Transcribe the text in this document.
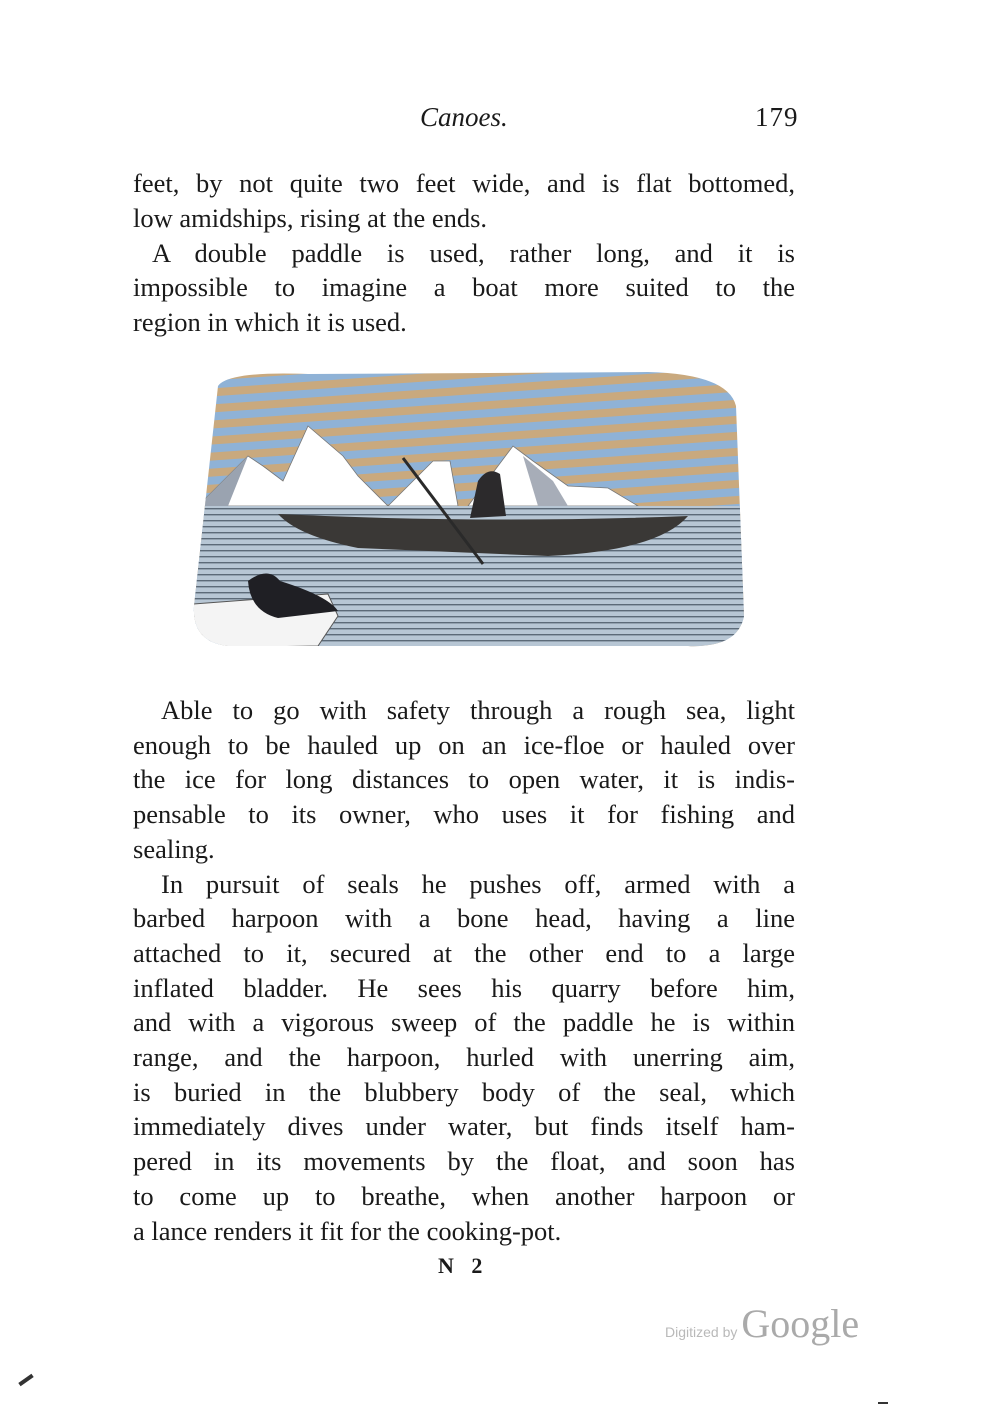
Canoes.	179
feet, by not quite two feet wide, and is flat bottomed,
low amidships, rising at the ends.
A double paddle is used, rather long, and it is
impossible to imagine a boat more suited to the
region in which it is used.
Able to go with safety through a rough sea, light
enough to be hauled up on an ice-floe or hauled over
the ice for long distances to open water, it is indis-
pensable to its owner, who uses it for fishing and
sealing.
In pursuit of seals he pushes off, armed with a
barbed harpoon with a bone head, having a line
attached to it, secured at the other end to a large
inflated bladder. He sees his quarry before him,
and with a vigorous sweep of the paddle he is within
range, and the harpoon, hurled with unerring aim,
is buried in the blubbery body of the seal, which
immediately dives under water, but finds itself ham-
pered in its movements by the float, and soon has
to come up to breathe, when another harpoon or
a lance renders it fit for the cooking-pot.
N 2
Digitized by Google
